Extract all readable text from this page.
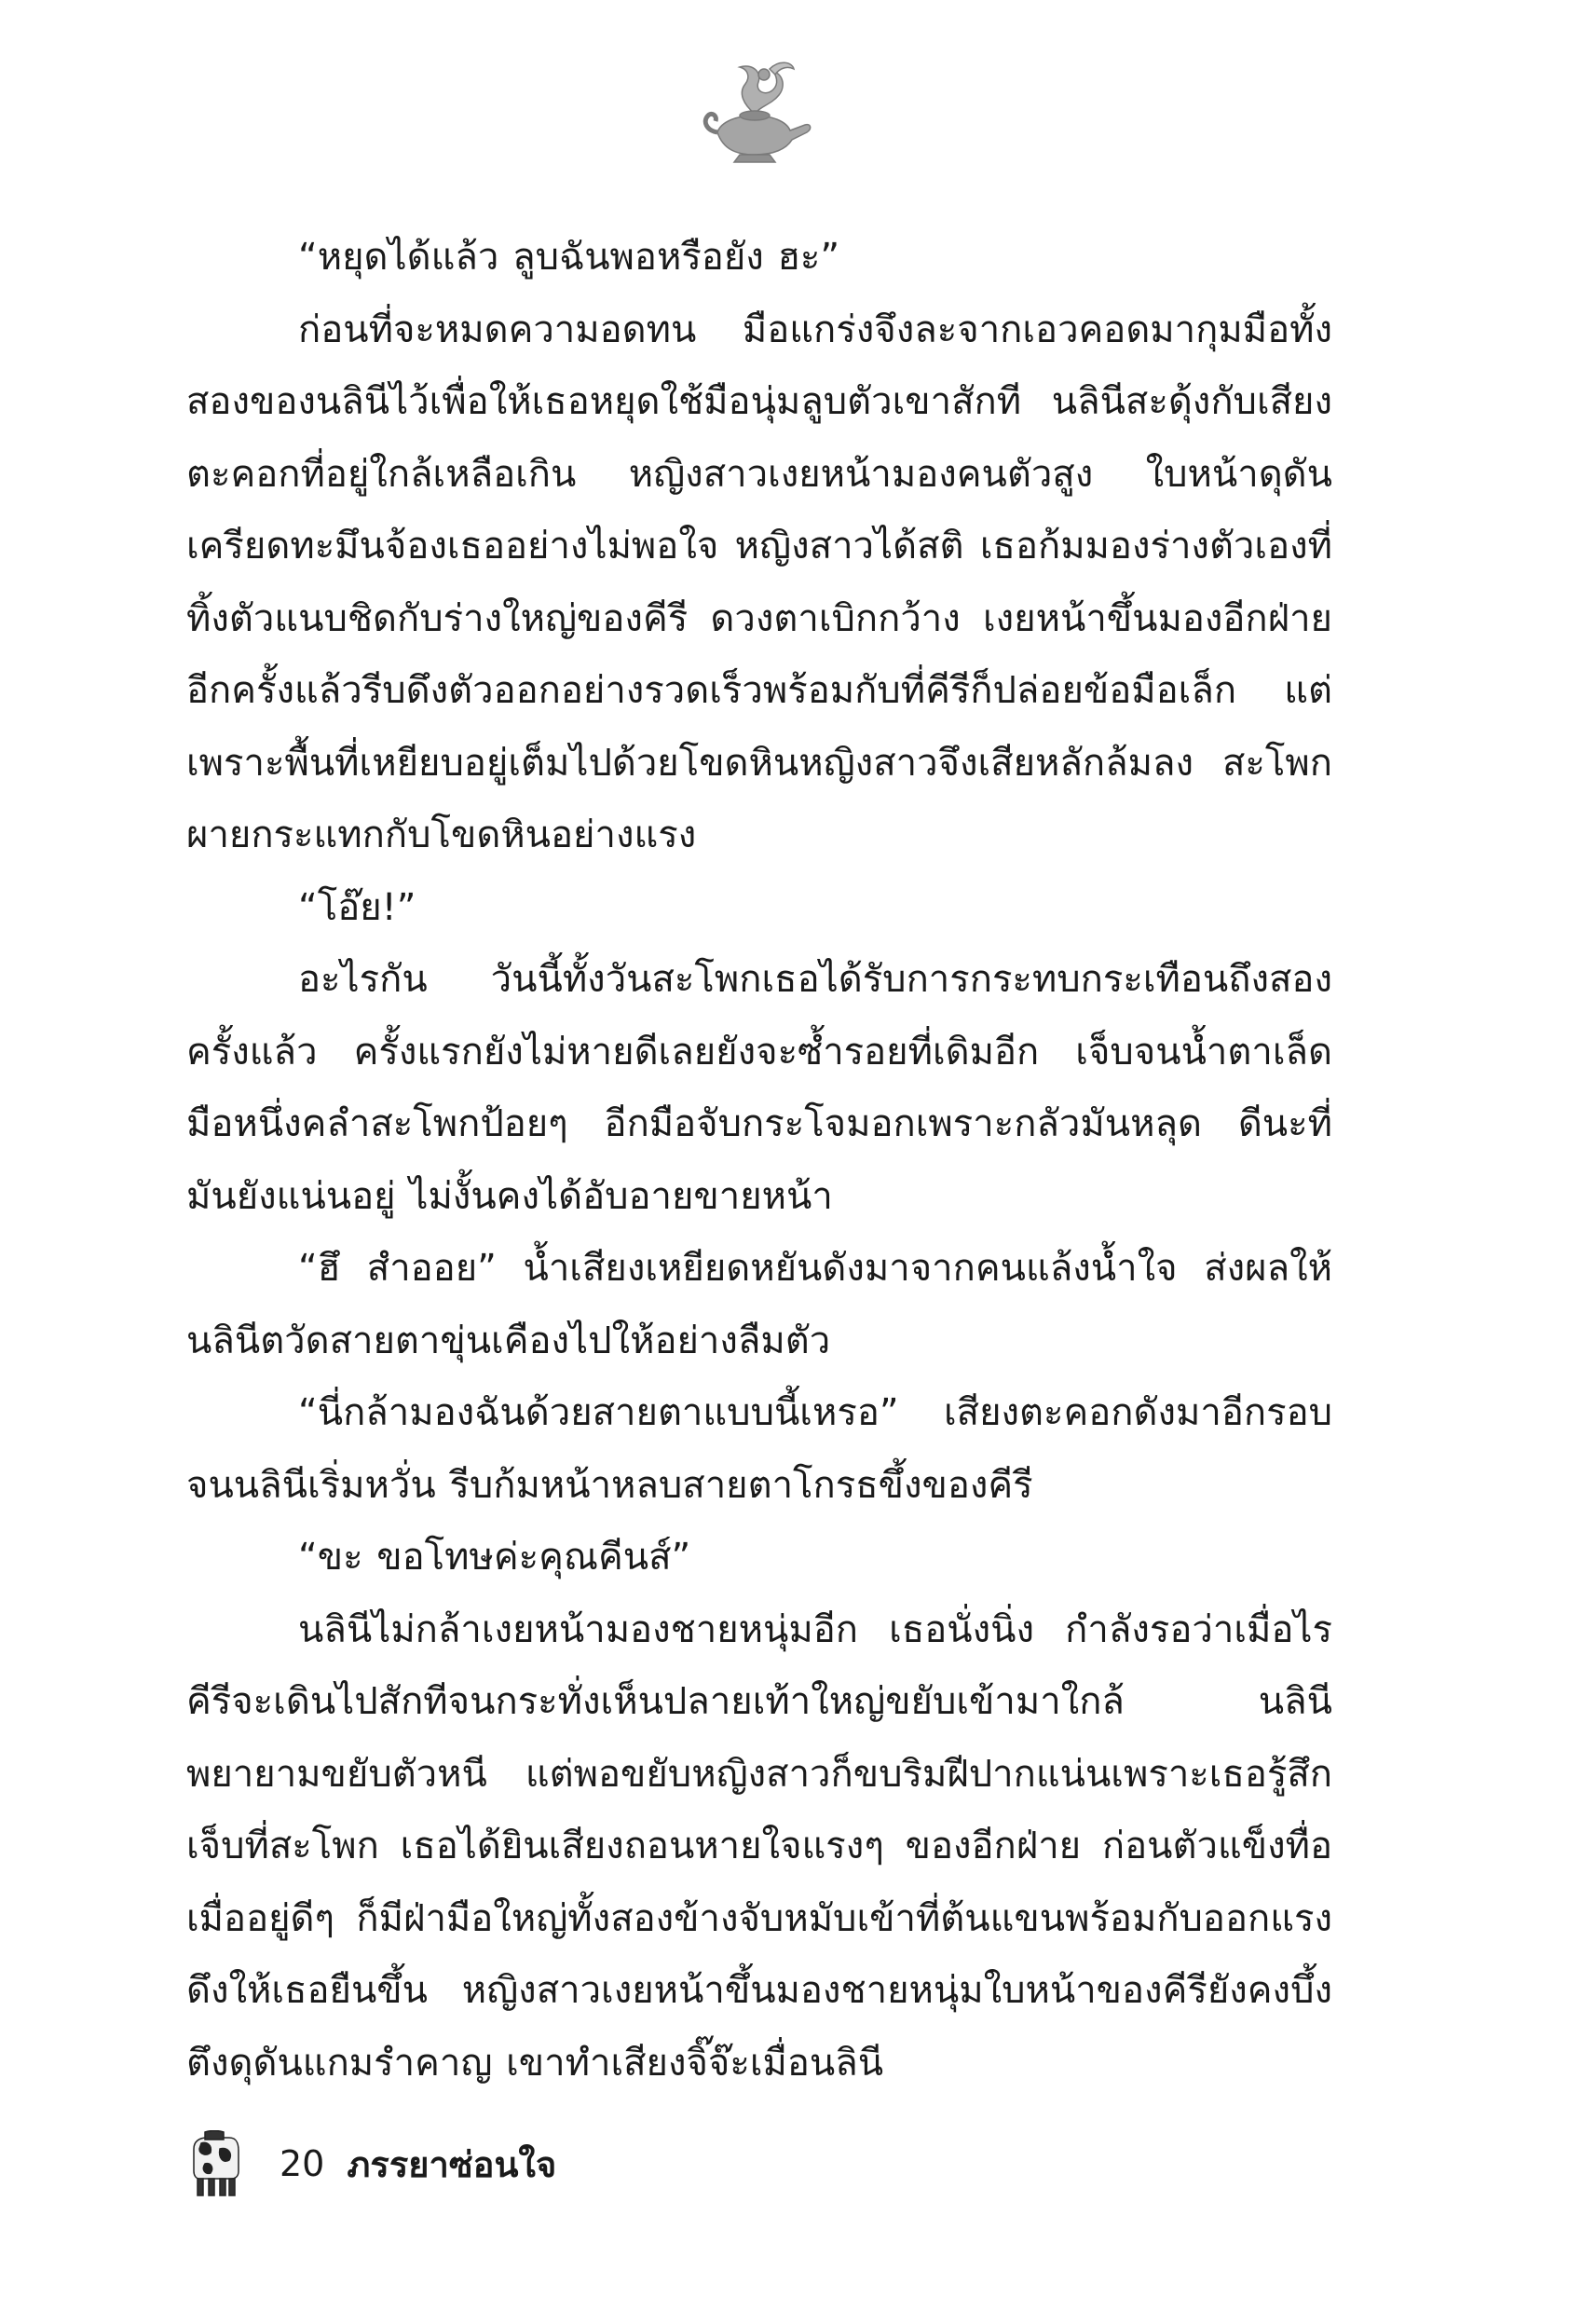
“หยุดได้แล้ว ลูบฉันพอหรือยัง ฮะ”

ก่อนที่จะหมดความอดทน มือแกร่งจึงละจากเอวคอดมากุมมือทั้งสองของนลินีไว้เพื่อให้เธอหยุดใช้มือนุ่มลูบตัวเขาสักที นลินีสะดุ้งกับเสียงตะคอกที่อยู่ใกล้เหลือเกิน หญิงสาวเงยหน้ามองคนตัวสูง ใบหน้าดุดันเครียดทะมึนจ้องเธออย่างไม่พอใจ หญิงสาวได้สติ เธอก้มมองร่างตัวเองที่ทิ้งตัวแนบชิดกับร่างใหญ่ของคีรี ดวงตาเบิกกว้าง เงยหน้าขึ้นมองอีกฝ่ายอีกครั้งแล้วรีบดึงตัวออกอย่างรวดเร็วพร้อมกับที่คีรีก็ปล่อยข้อมือเล็ก แต่เพราะพื้นที่เหยียบอยู่เต็มไปด้วยโขดหินหญิงสาวจึงเสียหลักล้มลง สะโพกผายกระแทกกับโขดหินอย่างแรง

“โอ๊ย!”

อะไรกัน วันนี้ทั้งวันสะโพกเธอได้รับการกระทบกระเทือนถึงสองครั้งแล้ว ครั้งแรกยังไม่หายดีเลยยังจะซ้ำรอยที่เดิมอีก เจ็บจนน้ำตาเล็ด มือหนึ่งคลำสะโพกป้อยๆ อีกมือจับกระโจมอกเพราะกลัวมันหลุด ดีนะที่มันยังแน่นอยู่ ไม่งั้นคงได้อับอายขายหน้า

“ฮึ สำออย” น้ำเสียงเหยียดหยันดังมาจากคนแล้งน้ำใจ ส่งผลให้นลินีตวัดสายตาขุ่นเคืองไปให้อย่างลืมตัว

“นี่กล้ามองฉันด้วยสายตาแบบนี้เหรอ” เสียงตะคอกดังมาอีกรอบจนนลินีเริ่มหวั่น รีบก้มหน้าหลบสายตาโกรธขึ้งของคีรี

“ขะ ขอโทษค่ะคุณคีนส์”

นลินีไม่กล้าเงยหน้ามองชายหนุ่มอีก เธอนั่งนิ่ง กำลังรอว่าเมื่อไรคีรีจะเดินไปสักทีจนกระทั่งเห็นปลายเท้าใหญ่ขยับเข้ามาใกล้ นลินีพยายามขยับตัวหนี แต่พอขยับหญิงสาวก็ขบริมฝีปากแน่นเพราะเธอรู้สึกเจ็บที่สะโพก เธอได้ยินเสียงถอนหายใจแรงๆ ของอีกฝ่าย ก่อนตัวแข็งทื่อเมื่ออยู่ดีๆ ก็มีฝ่ามือใหญ่ทั้งสองข้างจับหมับเข้าที่ต้นแขนพร้อมกับออกแรงดึงให้เธอยืนขึ้น หญิงสาวเงยหน้าขึ้นมองชายหนุ่มใบหน้าของคีรียังคงบึ้งตึงดุดันแกมรำคาญ เขาทำเสียงจิ๊จ๊ะเมื่อนลินี

20 ภรรยาซ่อนใจ
